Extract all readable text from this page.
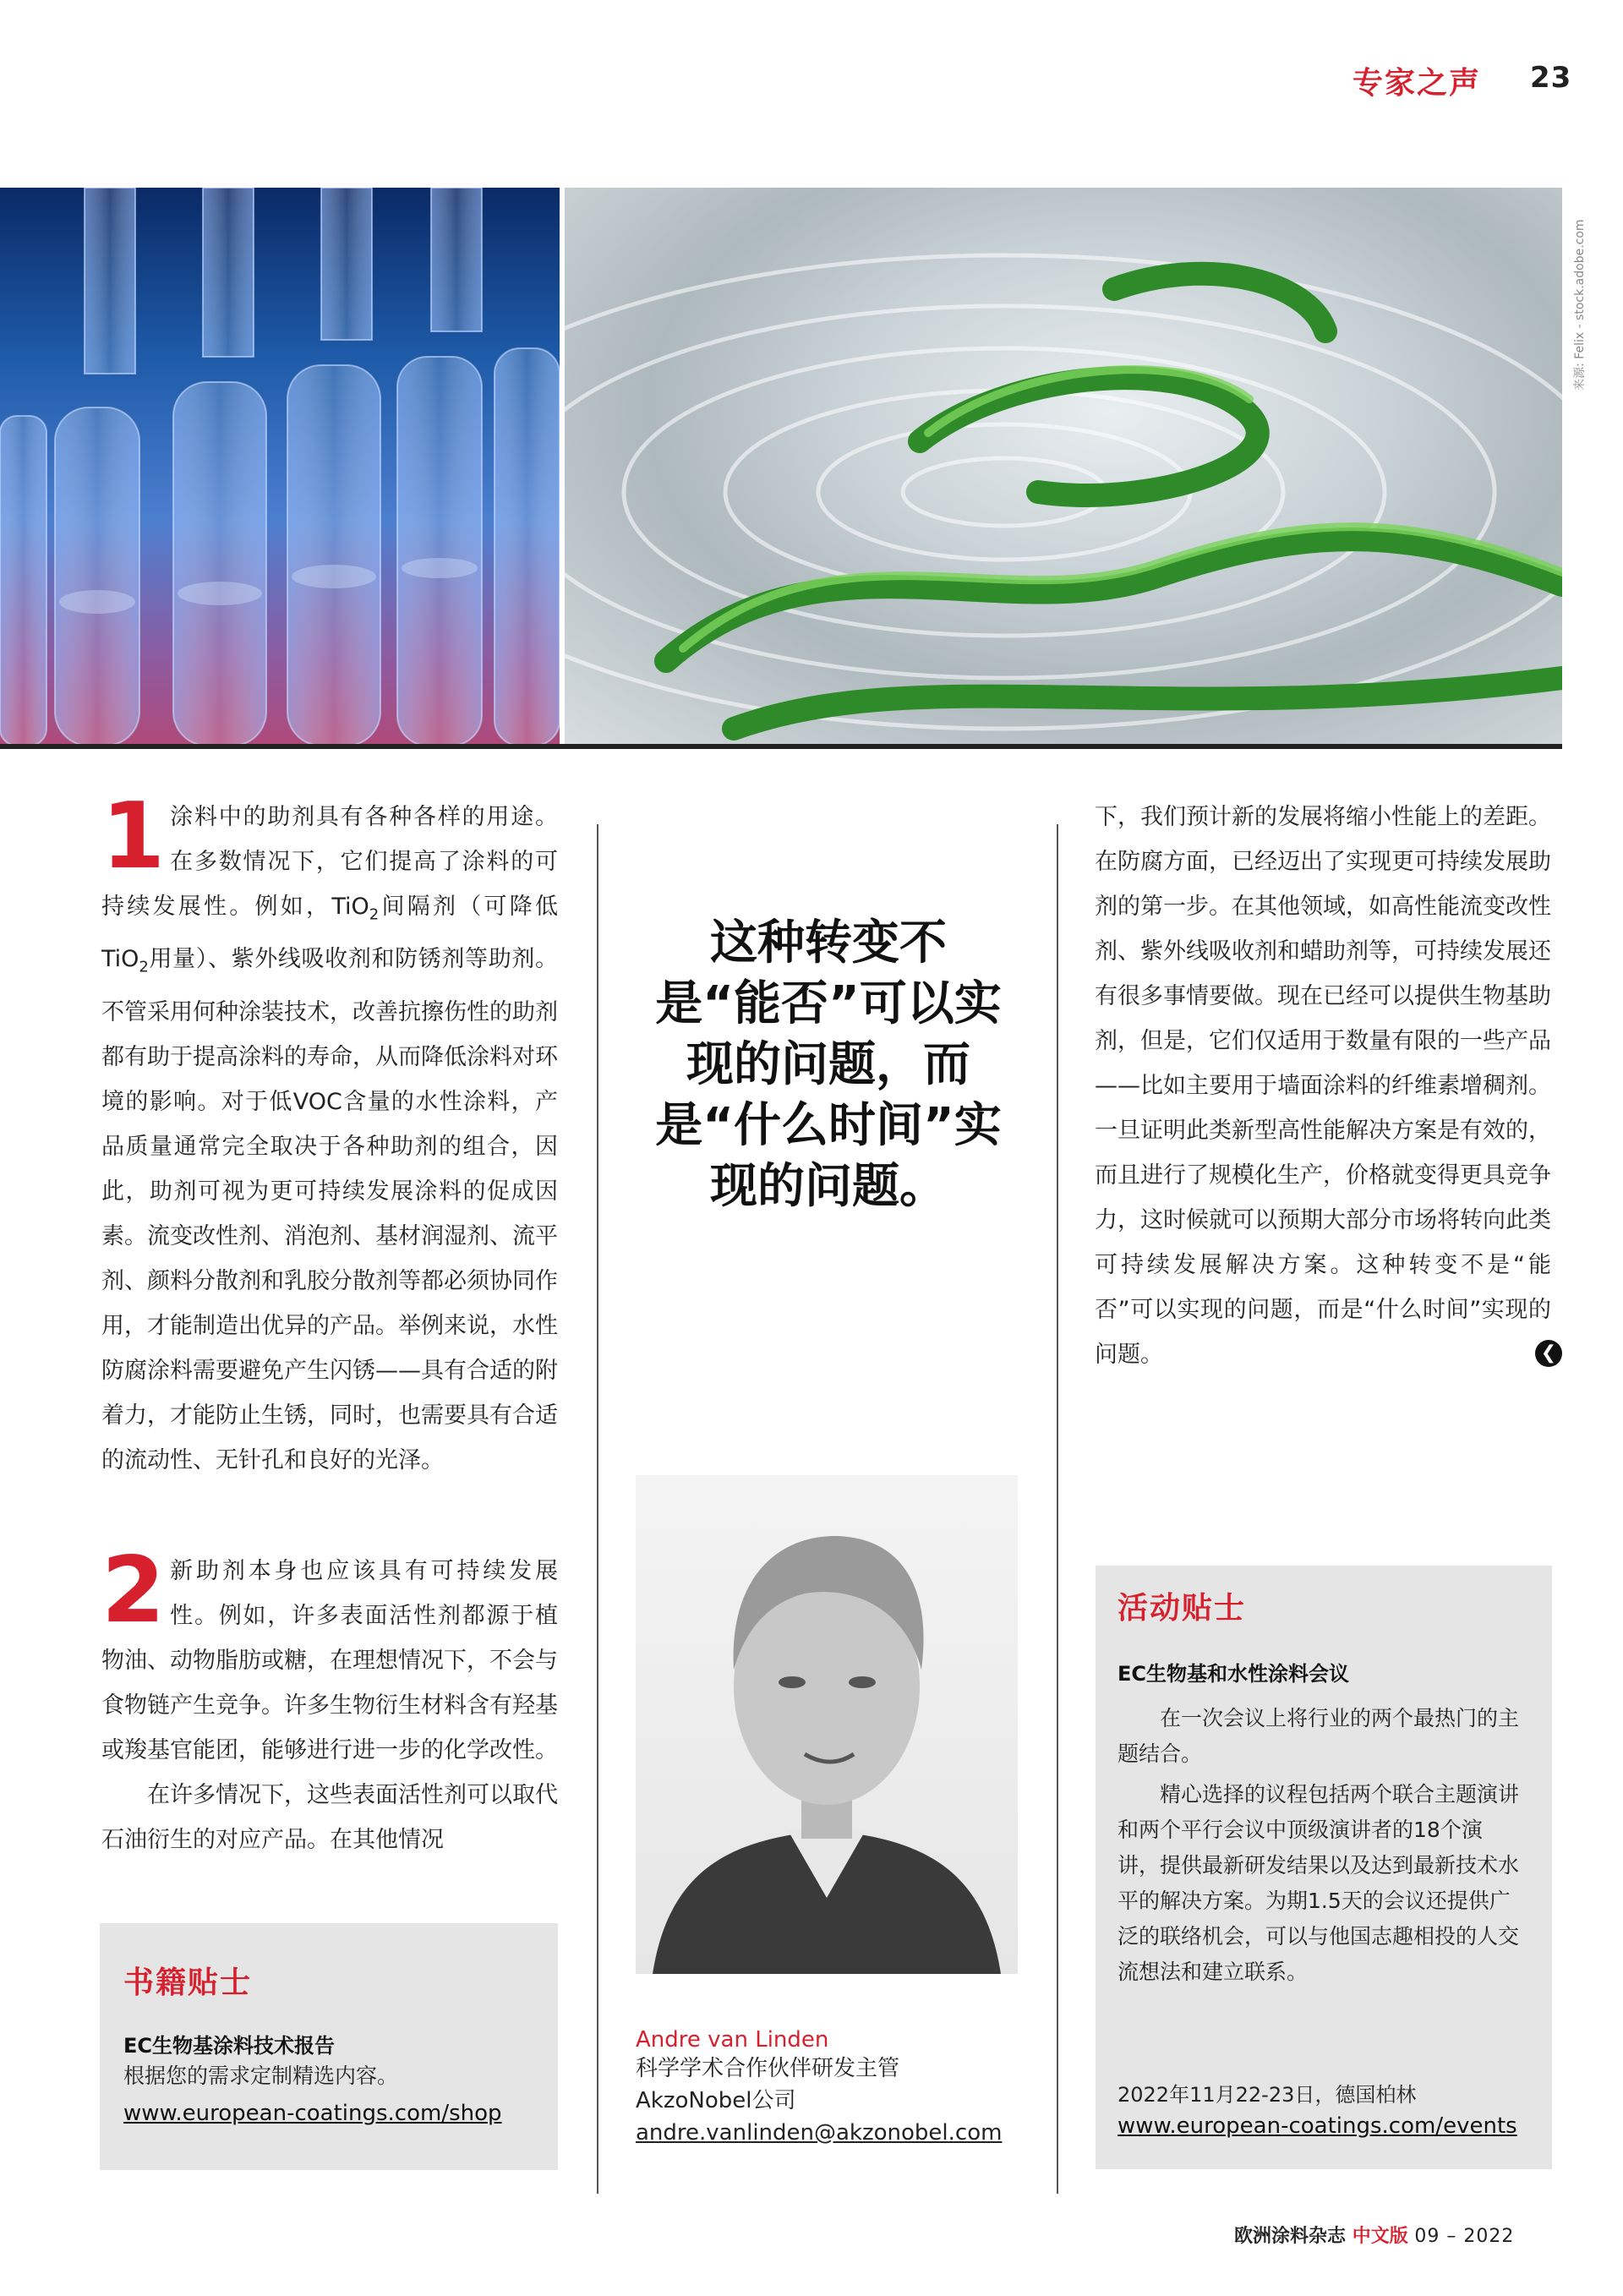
专家之声 23
来源: Felix - stock.adobe.com

1 涂料中的助剂具有各种各样的用途。在多数情况下，它们提高了涂料的可持续发展性。例如，TiO$_2$间隔剂（可降低TiO$_2$用量）、紫外线吸收剂和防锈剂等助剂。不管采用何种涂装技术，改善抗擦伤性的助剂都有助于提高涂料的寿命，从而降低涂料对环境的影响。对于低VOC含量的水性涂料，产品质量通常完全取决于各种助剂的组合，因此，助剂可视为更可持续发展涂料的促成因素。流变改性剂、消泡剂、基材润湿剂、流平剂、颜料分散剂和乳胶分散剂等都必须协同作用，才能制造出优异的产品。举例来说，水性防腐涂料需要避免产生闪锈——具有合适的附着力，才能防止生锈，同时，也需要具有合适的流动性、无针孔和良好的光泽。

2 新助剂本身也应该具有可持续发展性。例如，许多表面活性剂都源于植物油、动物脂肪或糖，在理想情况下，不会与食物链产生竞争。许多生物衍生材料含有羟基或羧基官能团，能够进行进一步的化学改性。

在许多情况下，这些表面活性剂可以取代石油衍生的对应产品。在其他情况

这种转变不是“能否”可以实现的问题，而是“什么时间”实现的问题。
Andre van Linden
科学学术合作伙伴研发主管
AkzoNobel公司
andre.vanlinden@akzonobel.com

下，我们预计新的发展将缩小性能上的差距。在防腐方面，已经迈出了实现更可持续发展助剂的第一步。在其他领域，如高性能流变改性剂、紫外线吸收剂和蜡助剂等，可持续发展还有很多事情要做。现在已经可以提供生物基助剂，但是，它们仅适用于数量有限的一些产品——比如主要用于墙面涂料的纤维素增稠剂。一旦证明此类新型高性能解决方案是有效的，而且进行了规模化生产，价格就变得更具竞争力，这时候就可以预期大部分市场将转向此类可持续发展解决方案。这种转变不是“能否”可以实现的问题，而是“什么时间”实现的问题。	❮
书籍贴士
EC生物基涂料技术报告
根据您的需求定制精选内容。
www.european-coatings.com/shop
活动贴士
EC生物基和水性涂料会议
在一次会议上将行业的两个最热门的主题结合。
精心选择的议程包括两个联合主题演讲和两个平行会议中顶级演讲者的18个演讲，提供最新研发结果以及达到最新技术水平的解决方案。为期1.5天的会议还提供广泛的联络机会，可以与他国志趣相投的人交流想法和建立联系。
2022年11月22-23日，德国柏林
www.european-coatings.com/events
欧洲涂料杂志 中文版 09 – 2022
